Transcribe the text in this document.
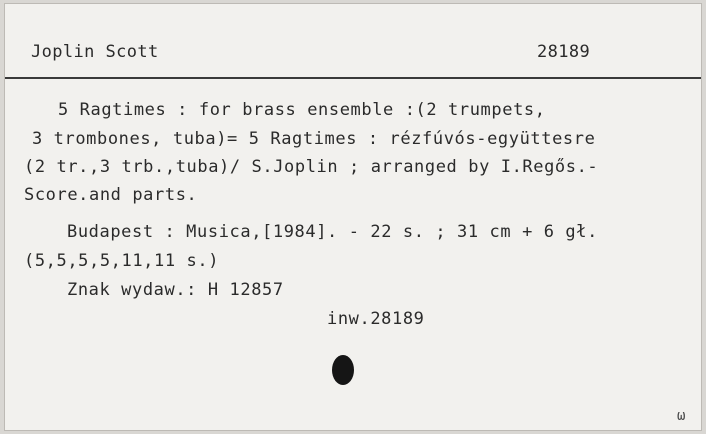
Joplin Scott	28189
5 Ragtimes : for brass ensemble :(2 trumpets,
3 trombones, tuba)= 5 Ragtimes : rézfúvós-együttesre
(2 tr.,3 trb.,tuba)/ S.Joplin ; arranged by I.Regős.-
Score.and parts.
Budapest : Musica,[1984]. - 22 s. ; 31 cm + 6 gł.
(5,5,5,5,11,11 s.)
Znak wydaw.: H 12857
inw.28189
ω
